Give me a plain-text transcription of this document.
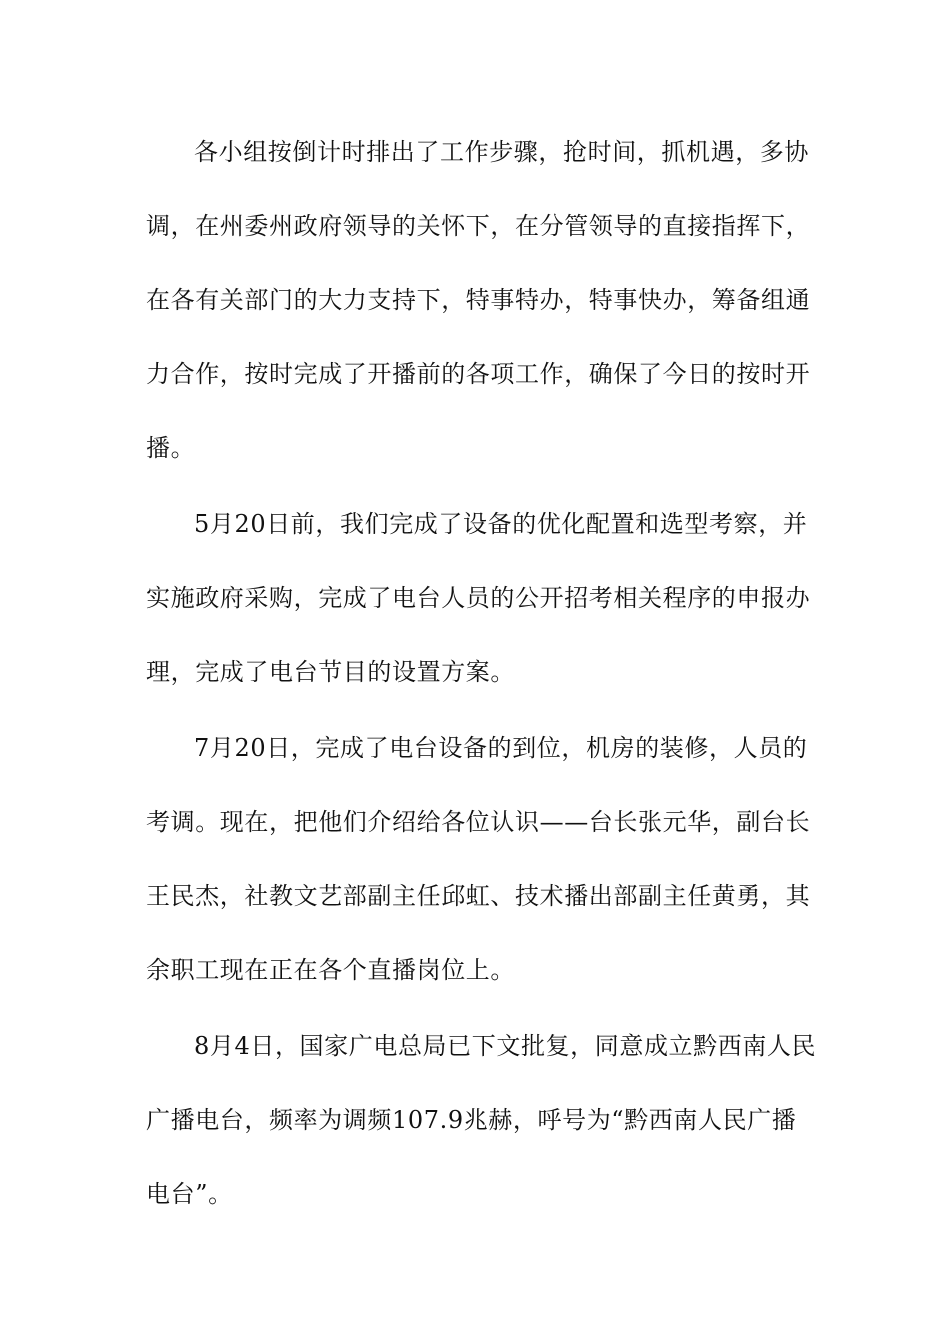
各小组按倒计时排出了工作步骤，抢时间，抓机遇，多协
调，在州委州政府领导的关怀下，在分管领导的直接指挥下，
在各有关部门的大力支持下，特事特办，特事快办，筹备组通
力合作，按时完成了开播前的各项工作，确保了今日的按时开
播。
5月20日前，我们完成了设备的优化配置和选型考察，并
实施政府采购，完成了电台人员的公开招考相关程序的申报办
理，完成了电台节目的设置方案。
7月20日，完成了电台设备的到位，机房的装修，人员的
考调。现在，把他们介绍给各位认识——台长张元华，副台长
王民杰，社教文艺部副主任邱虹、技术播出部副主任黄勇，其
余职工现在正在各个直播岗位上。
8月4日，国家广电总局已下文批复，同意成立黔西南人民
广播电台，频率为调频107.9兆赫，呼号为“黔西南人民广播
电台”。
